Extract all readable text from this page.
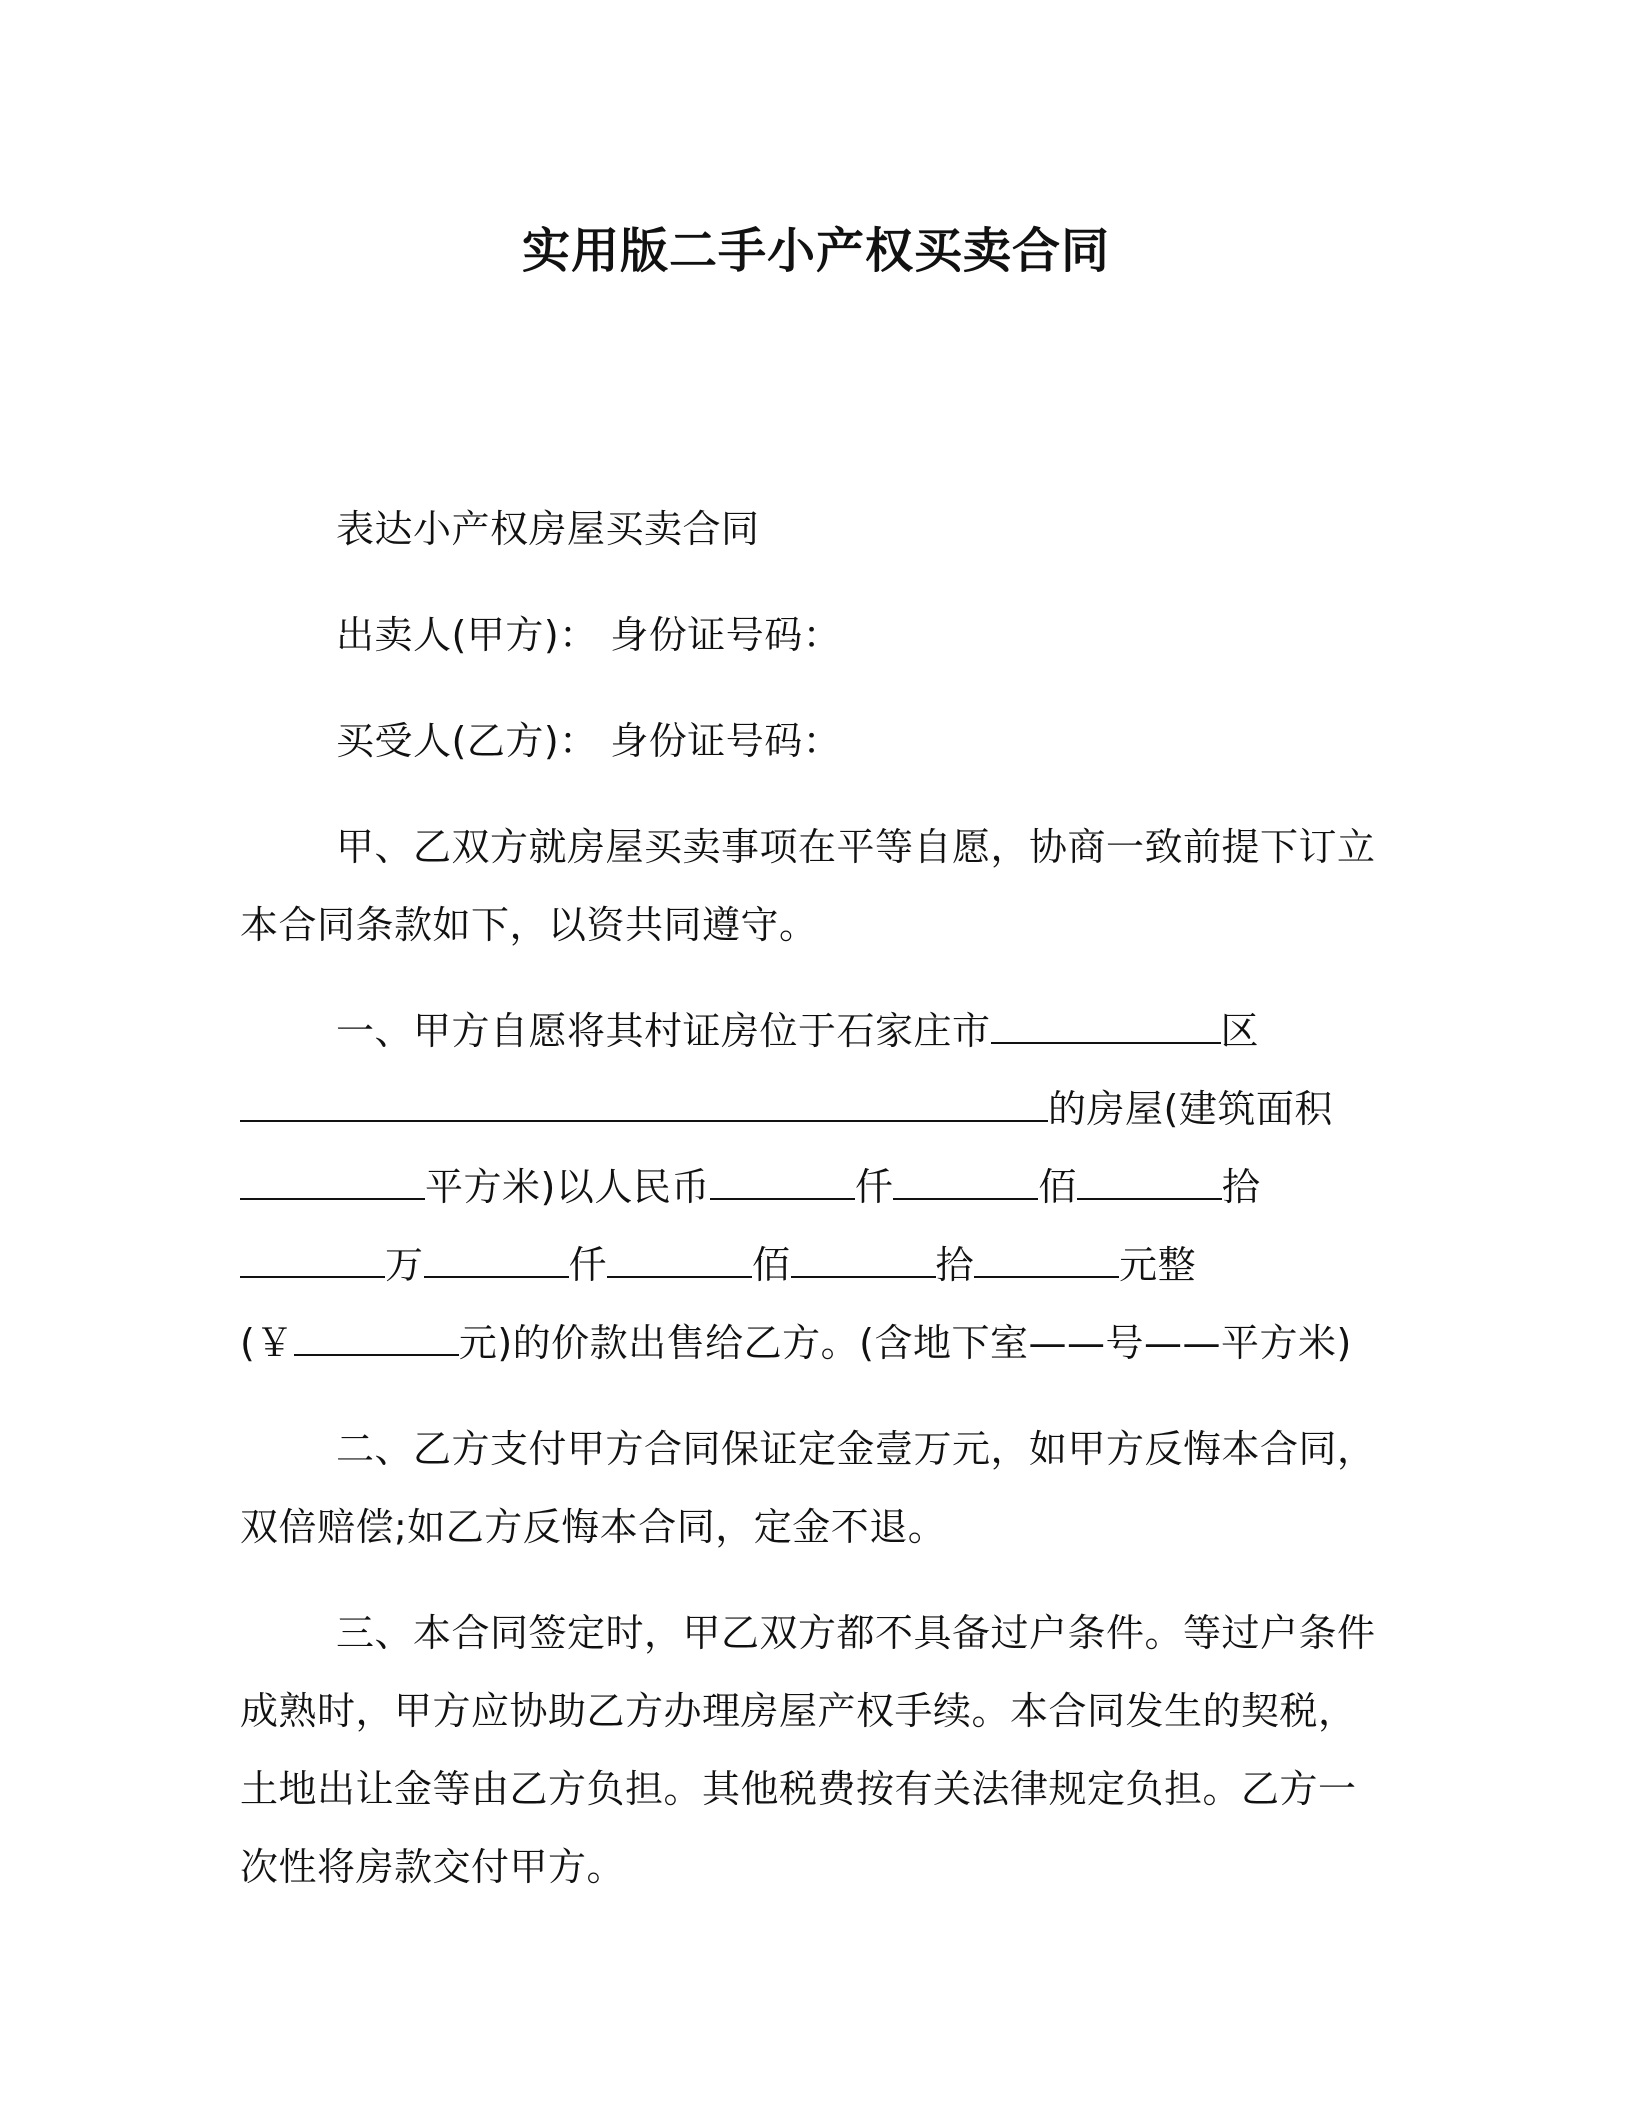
实用版二手小产权买卖合同

表达小产权房屋买卖合同

出卖人(甲方)： 身份证号码：

买受人(乙方)： 身份证号码：

甲、乙双方就房屋买卖事项在平等自愿，协商一致前提下订立本合同条款如下，以资共同遵守。

一、甲方自愿将其村证房位于石家庄市	区

的房屋(建筑面积

平方米)以人民币	仟	佰	拾

万	仟	佰	拾	元整

(￥	元)的价款出售给乙方。(含地下室——号——平方米)

二、乙方支付甲方合同保证定金壹万元，如甲方反悔本合同，双倍赔偿;如乙方反悔本合同，定金不退。

三、本合同签定时，甲乙双方都不具备过户条件。等过户条件成熟时，甲方应协助乙方办理房屋产权手续。本合同发生的契税，土地出让金等由乙方负担。其他税费按有关法律规定负担。乙方一次性将房款交付甲方。
